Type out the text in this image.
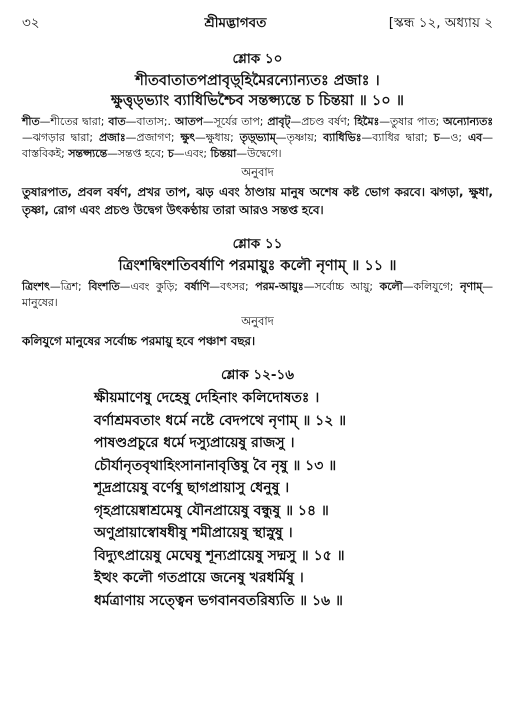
৩২	শ্রীমদ্ভাগবত	[স্কন্ধ ১২, অধ্যায় ২
শ্লোক ১০
শীতবাতাতপপ্রাবৃড়্‌হিমৈরন্যোন্যতঃ প্রজাঃ ।
ক্ষুত্তৃড্‌ভ্যাং ব্যাধিভিশ্চৈব সন্তপ্স্যন্তে চ চিন্তয়া ॥ ১০ ॥
শীত—শীতের দ্বারা; বাত—বাতাস;. আতপ—সূর্যের তাপ; প্রাবৃট্—প্রচণ্ড বর্ষণ; হিমৈঃ—তুষার পাত; অন্যোন্যতঃ—ঝগড়ার দ্বারা; প্রজাঃ—প্রজাগণ; ক্ষুৎ—ক্ষুধায়; তৃড়্‌ভ্যাম্—তৃষ্ণায়; ব্যাধিভিঃ—ব্যাধির দ্বারা; চ—ও; এব—বাস্তবিকই; সন্তপ্স্যন্তে—সন্তপ্ত হবে; চ—এবং; চিন্তয়া—উদ্বেগে।
অনুবাদ
তুষারপাত, প্রবল বর্ষণ, প্রখর তাপ, ঝড় এবং ঠাণ্ডায় মানুষ অশেষ কষ্ট ভোগ করবে। ঝগড়া, ক্ষুধা, তৃষ্ণা, রোগ এবং প্রচণ্ড উদ্বেগ উৎকণ্ঠায় তারা আরও সন্তপ্ত হবে।
শ্লোক ১১
ত্রিংশদ্বিংশতিবর্ষাণি পরমায়ুঃ কলৌ নৃণাম্ ॥ ১১ ॥
ত্রিংশৎ—ত্রিশ; বিংশতি—এবং কুড়ি; বর্ষাণি—বৎসর; পরম-আয়ুঃ—সর্বোচ্চ আয়ু; কলৌ—কলিযুগে; নৃণাম্—মানুষের।
অনুবাদ
কলিযুগে মানুষের সর্বোচ্চ পরমায়ু হবে পঞ্চাশ বছর।
শ্লোক ১২-১৬
ক্ষীয়মাণেষু দেহেষু দেহিনাং কলিদোষতঃ ।
বর্ণাশ্রমবতাং ধর্মে নষ্টে বেদপথে নৃণাম্ ॥ ১২ ॥
পাষণ্ডপ্রচুরে ধর্মে দস্যুপ্রায়েষু রাজসু ।
চৌর্যানৃতবৃথাহিংসানানাবৃত্তিষু বৈ নৃষু ॥ ১৩ ॥
শূদ্রপ্রায়েষু বর্ণেষু ছাগপ্রায়াসু ধেনুষু ।
গৃহপ্রায়েষ্বাশ্রমেষু যৌনপ্রায়েষু বন্ধুষু ॥ ১৪ ॥
অণুপ্রায়াস্বোষধীষু শমীপ্রায়েষু স্থাস্নুষু ।
বিদ্যুৎপ্রায়েষু মেঘেষু শূন্যপ্রায়েষু সদ্মসু ॥ ১৫ ॥
ইত্থং কলৌ গতপ্রায়ে জনেষু খরধর্মিষু ।
ধর্মত্রাণায় সত্ত্বেন ভগবানবতরিষ্যতি ॥ ১৬ ॥
